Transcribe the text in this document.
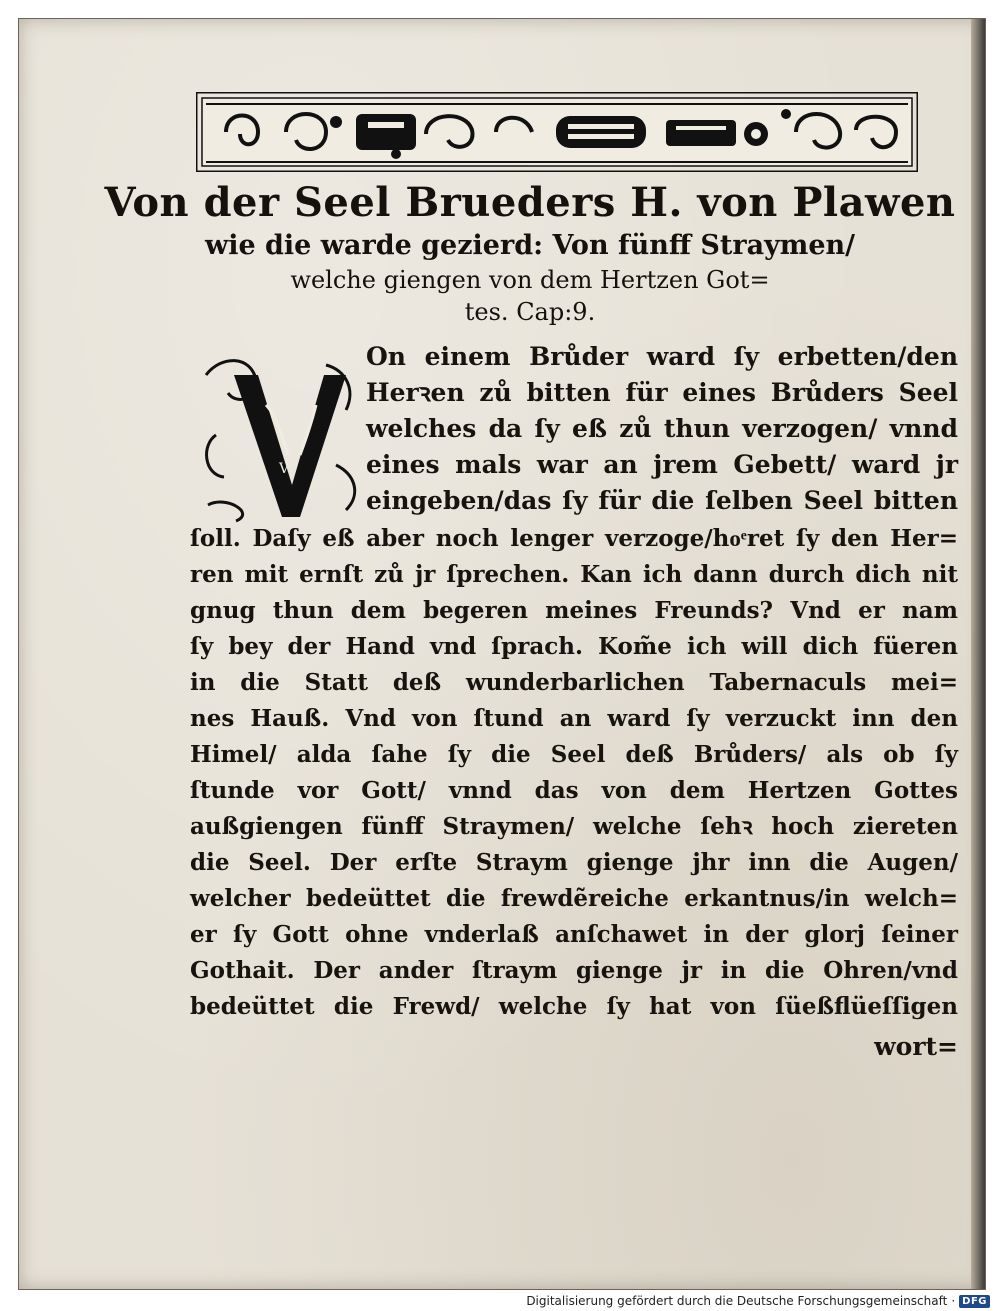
Von der Seel Brueders H. von Plawen
wie die warde gezierd: Von fünff Straymen/
welche giengen von dem Hertzen Got=
tes. Cap:9.
V
On einem Brůder ward ſy erbetten/den
Herꝛen zů bitten für eines Brůders Seel
welches da ſy eß zů thun verzogen/ vnnd
eines mals war an jrem Gebett/ ward jr
eingeben/das ſy für die ſelben Seel bitten
ſoll. Daſy eß aber noch lenger verzoge/hoͤret ſy den Her=
ren mit ernſt zů jr ſprechen. Kan ich dann durch dich nit
gnug thun dem begeren meines Freunds? Vnd er nam
ſy bey der Hand vnd ſprach. Kom̃e ich will dich füeren
in die Statt deß wunderbarlichen Tabernaculs mei=
nes Hauß. Vnd von ſtund an ward ſy verzuckt inn den
Himel/ alda ſahe ſy die Seel deß Brůders/ als ob ſy
ſtunde vor Gott/ vnnd das von dem Hertzen Gottes
außgiengen fünff Straymen/ welche ſehꝛ hoch ziereten
die Seel. Der erſte Straym gienge jhr inn die Augen/
welcher bedeüttet die frewdẽreiche erkantnus/in welch=
er ſy Gott ohne vnderlaß anſchawet in der glorj ſeiner
Gothait. Der ander ſtraym gienge jr in die Ohren/vnd
bedeüttet die Frewd/ welche ſy hat von ſüeßflüeſſigen
wort=
Digitalisierung gefördert durch die Deutsche Forschungsgemeinschaft · DFG
